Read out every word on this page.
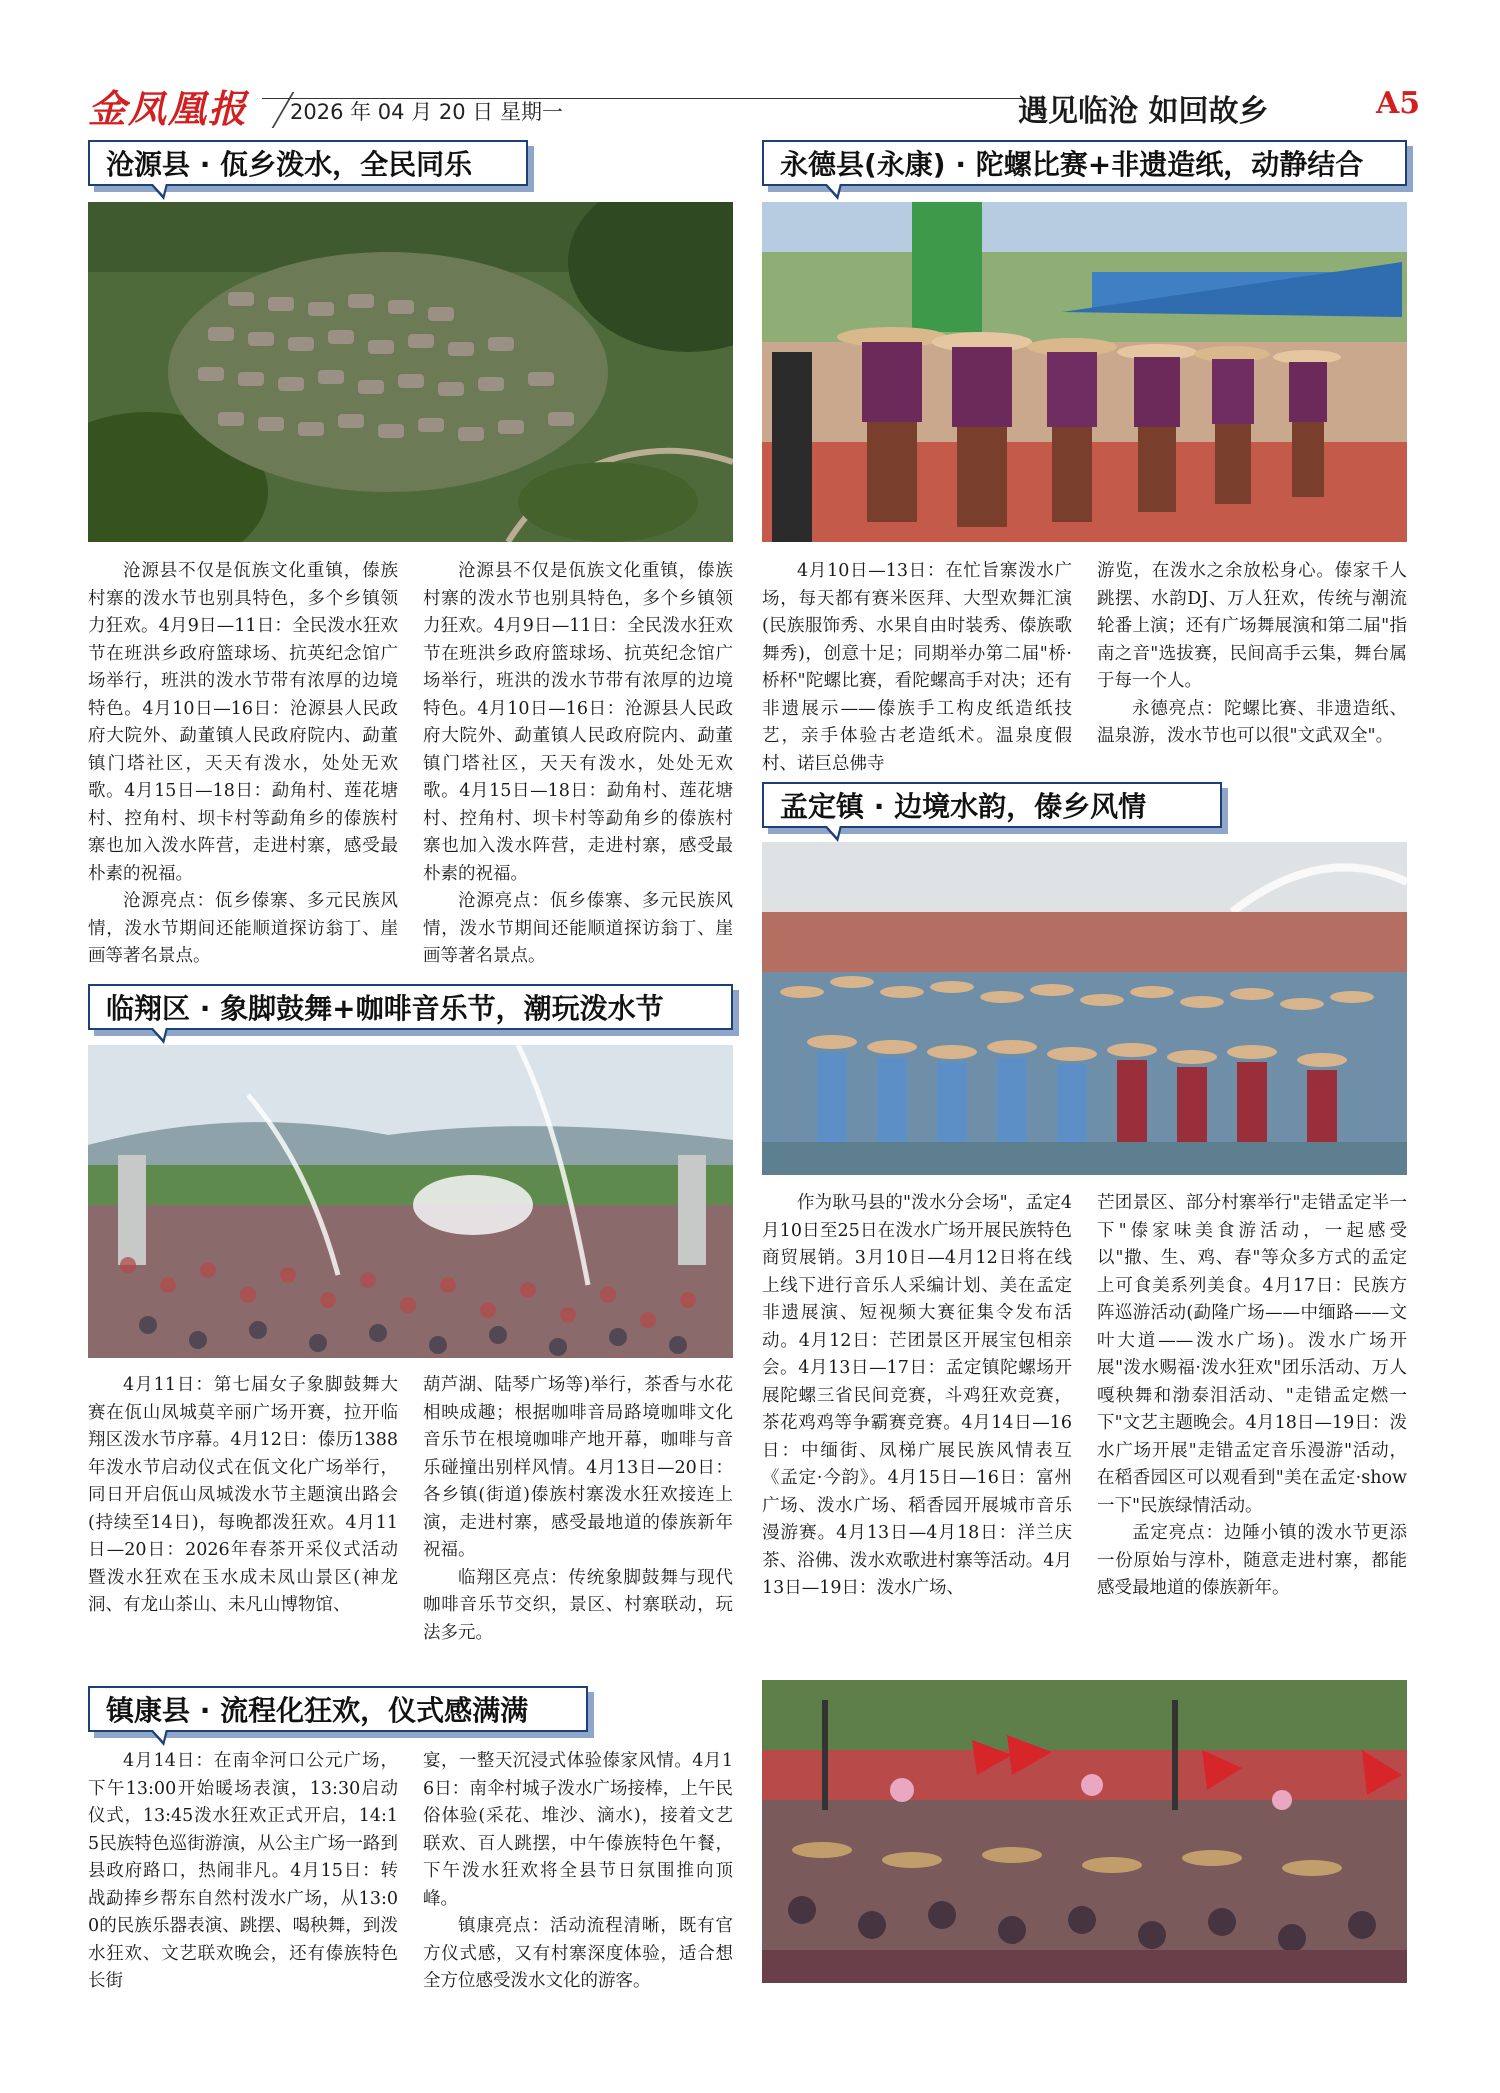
金凤凰报 2026 年 04 月 20 日 星期一	遇见临沧 如回故乡	A5
沧源县 · 佤乡泼水，全民同乐

沧源县不仅是佤族文化重镇，傣族村寨的泼水节也别具特色，多个乡镇领力狂欢。4月9日—11日：全民泼水狂欢节在班洪乡政府篮球场、抗英纪念馆广场举行，班洪的泼水节带有浓厚的边境特色。4月10日—16日：沧源县人民政府大院外、勐董镇人民政府院内、勐董镇门塔社区，天天有泼水，处处无欢歌。4月15日—18日：勐角村、莲花塘村、控角村、坝卡村等勐角乡的傣族村寨也加入泼水阵营，走进村寨，感受最朴素的祝福。

沧源亮点：佤乡傣寨、多元民族风情，泼水节期间还能顺道探访翁丁、崖画等著名景点。

沧源县不仅是佤族文化重镇，傣族村寨的泼水节也别具特色，多个乡镇领力狂欢。4月9日—11日：全民泼水狂欢节在班洪乡政府篮球场、抗英纪念馆广场举行，班洪的泼水节带有浓厚的边境特色。4月10日—16日：沧源县人民政府大院外、勐董镇人民政府院内、勐董镇门塔社区，天天有泼水，处处无欢歌。4月15日—18日：勐角村、莲花塘村、控角村、坝卡村等勐角乡的傣族村寨也加入泼水阵营，走进村寨，感受最朴素的祝福。

沧源亮点：佤乡傣寨、多元民族风情，泼水节期间还能顺道探访翁丁、崖画等著名景点。

永德县(永康) · 陀螺比赛+非遗造纸，动静结合

4月10日—13日：在忙旨寨泼水广场，每天都有赛米医拜、大型欢舞汇演(民族服饰秀、水果自由时装秀、傣族歌舞秀)，创意十足；同期举办第二届"桥·桥杯"陀螺比赛，看陀螺高手对决；还有非遗展示——傣族手工构皮纸造纸技艺，亲手体验古老造纸术。温泉度假村、诺巨总佛寺

游览，在泼水之余放松身心。傣家千人跳摆、水韵DJ、万人狂欢，传统与潮流轮番上演；还有广场舞展演和第二届"指南之音"选拔赛，民间高手云集，舞台属于每一个人。

永德亮点：陀螺比赛、非遗造纸、温泉游，泼水节也可以很"文武双全"。

孟定镇 · 边境水韵，傣乡风情

作为耿马县的"泼水分会场"，孟定4月10日至25日在泼水广场开展民族特色商贸展销。3月10日—4月12日将在线上线下进行音乐人采编计划、美在孟定非遗展演、短视频大赛征集令发布活动。4月12日：芒团景区开展宝包相亲会。4月13日—17日：孟定镇陀螺场开展陀螺三省民间竞赛，斗鸡狂欢竞赛，茶花鸡鸡等争霸赛竞赛。4月14日—16日：中缅街、凤梯广展民族风情表互《孟定·今韵》。4月15日—16日：富州广场、泼水广场、稻香园开展城市音乐漫游赛。4月13日—4月18日：洋兰庆茶、浴佛、泼水欢歌进村寨等活动。4月13日—19日：泼水广场、

芒团景区、部分村寨举行"走错孟定半一下"傣家味美食游活动，一起感受以"撒、生、鸡、春"等众多方式的孟定上可食美系列美食。4月17日：民族方阵巡游活动(勐隆广场——中缅路——文叶大道——泼水广场)。泼水广场开展"泼水赐福·泼水狂欢"团乐活动、万人嘎秧舞和渤泰泪活动、"走错孟定燃一下"文艺主题晚会。4月18日—19日：泼水广场开展"走错孟定音乐漫游"活动，在稻香园区可以观看到"美在孟定·show一下"民族绿情活动。

孟定亮点：边陲小镇的泼水节更添一份原始与淳朴，随意走进村寨，都能感受最地道的傣族新年。

临翔区 · 象脚鼓舞+咖啡音乐节，潮玩泼水节

4月11日：第七届女子象脚鼓舞大赛在佤山凤城莫辛丽广场开赛，拉开临翔区泼水节序幕。4月12日：傣历1388年泼水节启动仪式在佤文化广场举行，同日开启佤山凤城泼水节主题演出路会(持续至14日)，每晚都泼狂欢。4月11日—20日：2026年春茶开采仪式活动暨泼水狂欢在玉水成未凤山景区(神龙洞、有龙山茶山、未凡山博物馆、

葫芦湖、陆琴广场等)举行，茶香与水花相映成趣；根据咖啡音局路境咖啡文化音乐节在根境咖啡产地开幕，咖啡与音乐碰撞出别样风情。4月13日—20日：各乡镇(街道)傣族村寨泼水狂欢接连上演，走进村寨，感受最地道的傣族新年祝福。

临翔区亮点：传统象脚鼓舞与现代咖啡音乐节交织，景区、村寨联动，玩法多元。

镇康县 · 流程化狂欢，仪式感满满

4月14日：在南伞河口公元广场，下午13:00开始暖场表演，13:30启动仪式，13:45泼水狂欢正式开启，14:15民族特色巡街游演，从公主广场一路到县政府路口，热闹非凡。4月15日：转战勐捧乡帮东自然村泼水广场，从13:00的民族乐器表演、跳摆、喝秧舞，到泼水狂欢、文艺联欢晚会，还有傣族特色长街

宴，一整天沉浸式体验傣家风情。4月16日：南伞村城子泼水广场接棒，上午民俗体验(采花、堆沙、滴水)，接着文艺联欢、百人跳摆，中午傣族特色午餐，下午泼水狂欢将全县节日氛围推向顶峰。

镇康亮点：活动流程清晰，既有官方仪式感，又有村寨深度体验，适合想全方位感受泼水文化的游客。
